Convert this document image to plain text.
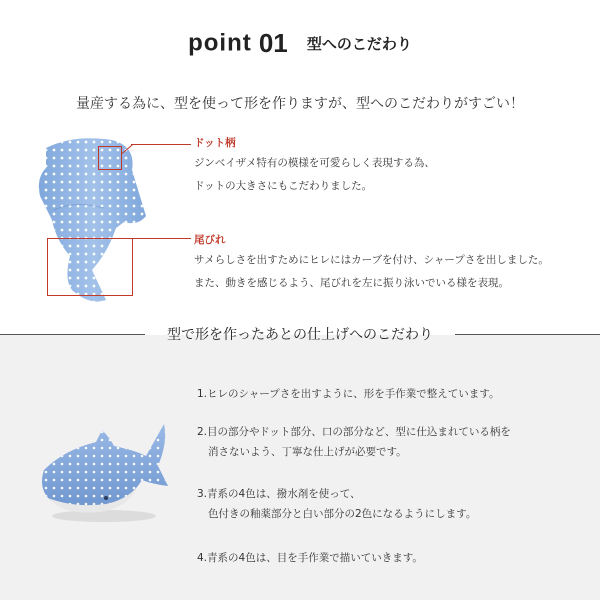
point 01 型へのこだわり
量産する為に、型を使って形を作りますが、型へのこだわりがすごい！
ドット柄
ジンベイザメ特有の模様を可愛らしく表現する為、
ドットの大きさにもこだわりました。
尾びれ
サメらしさを出すためにヒレにはカーブを付け、シャープさを出しました。
また、動きを感じるよう、尾びれを左に振り泳いでいる様を表現。
型で形を作ったあとの仕上げへのこだわり
1.ヒレのシャープさを出すように、形を手作業で整えています。
2.目の部分やドット部分、口の部分など、型に仕込まれている柄を
消さないよう、丁寧な仕上げが必要です。
3.青系の4色は、撥水剤を使って、
色付きの釉薬部分と白い部分の2色になるようにします。
4.青系の4色は、目を手作業で描いていきます。
